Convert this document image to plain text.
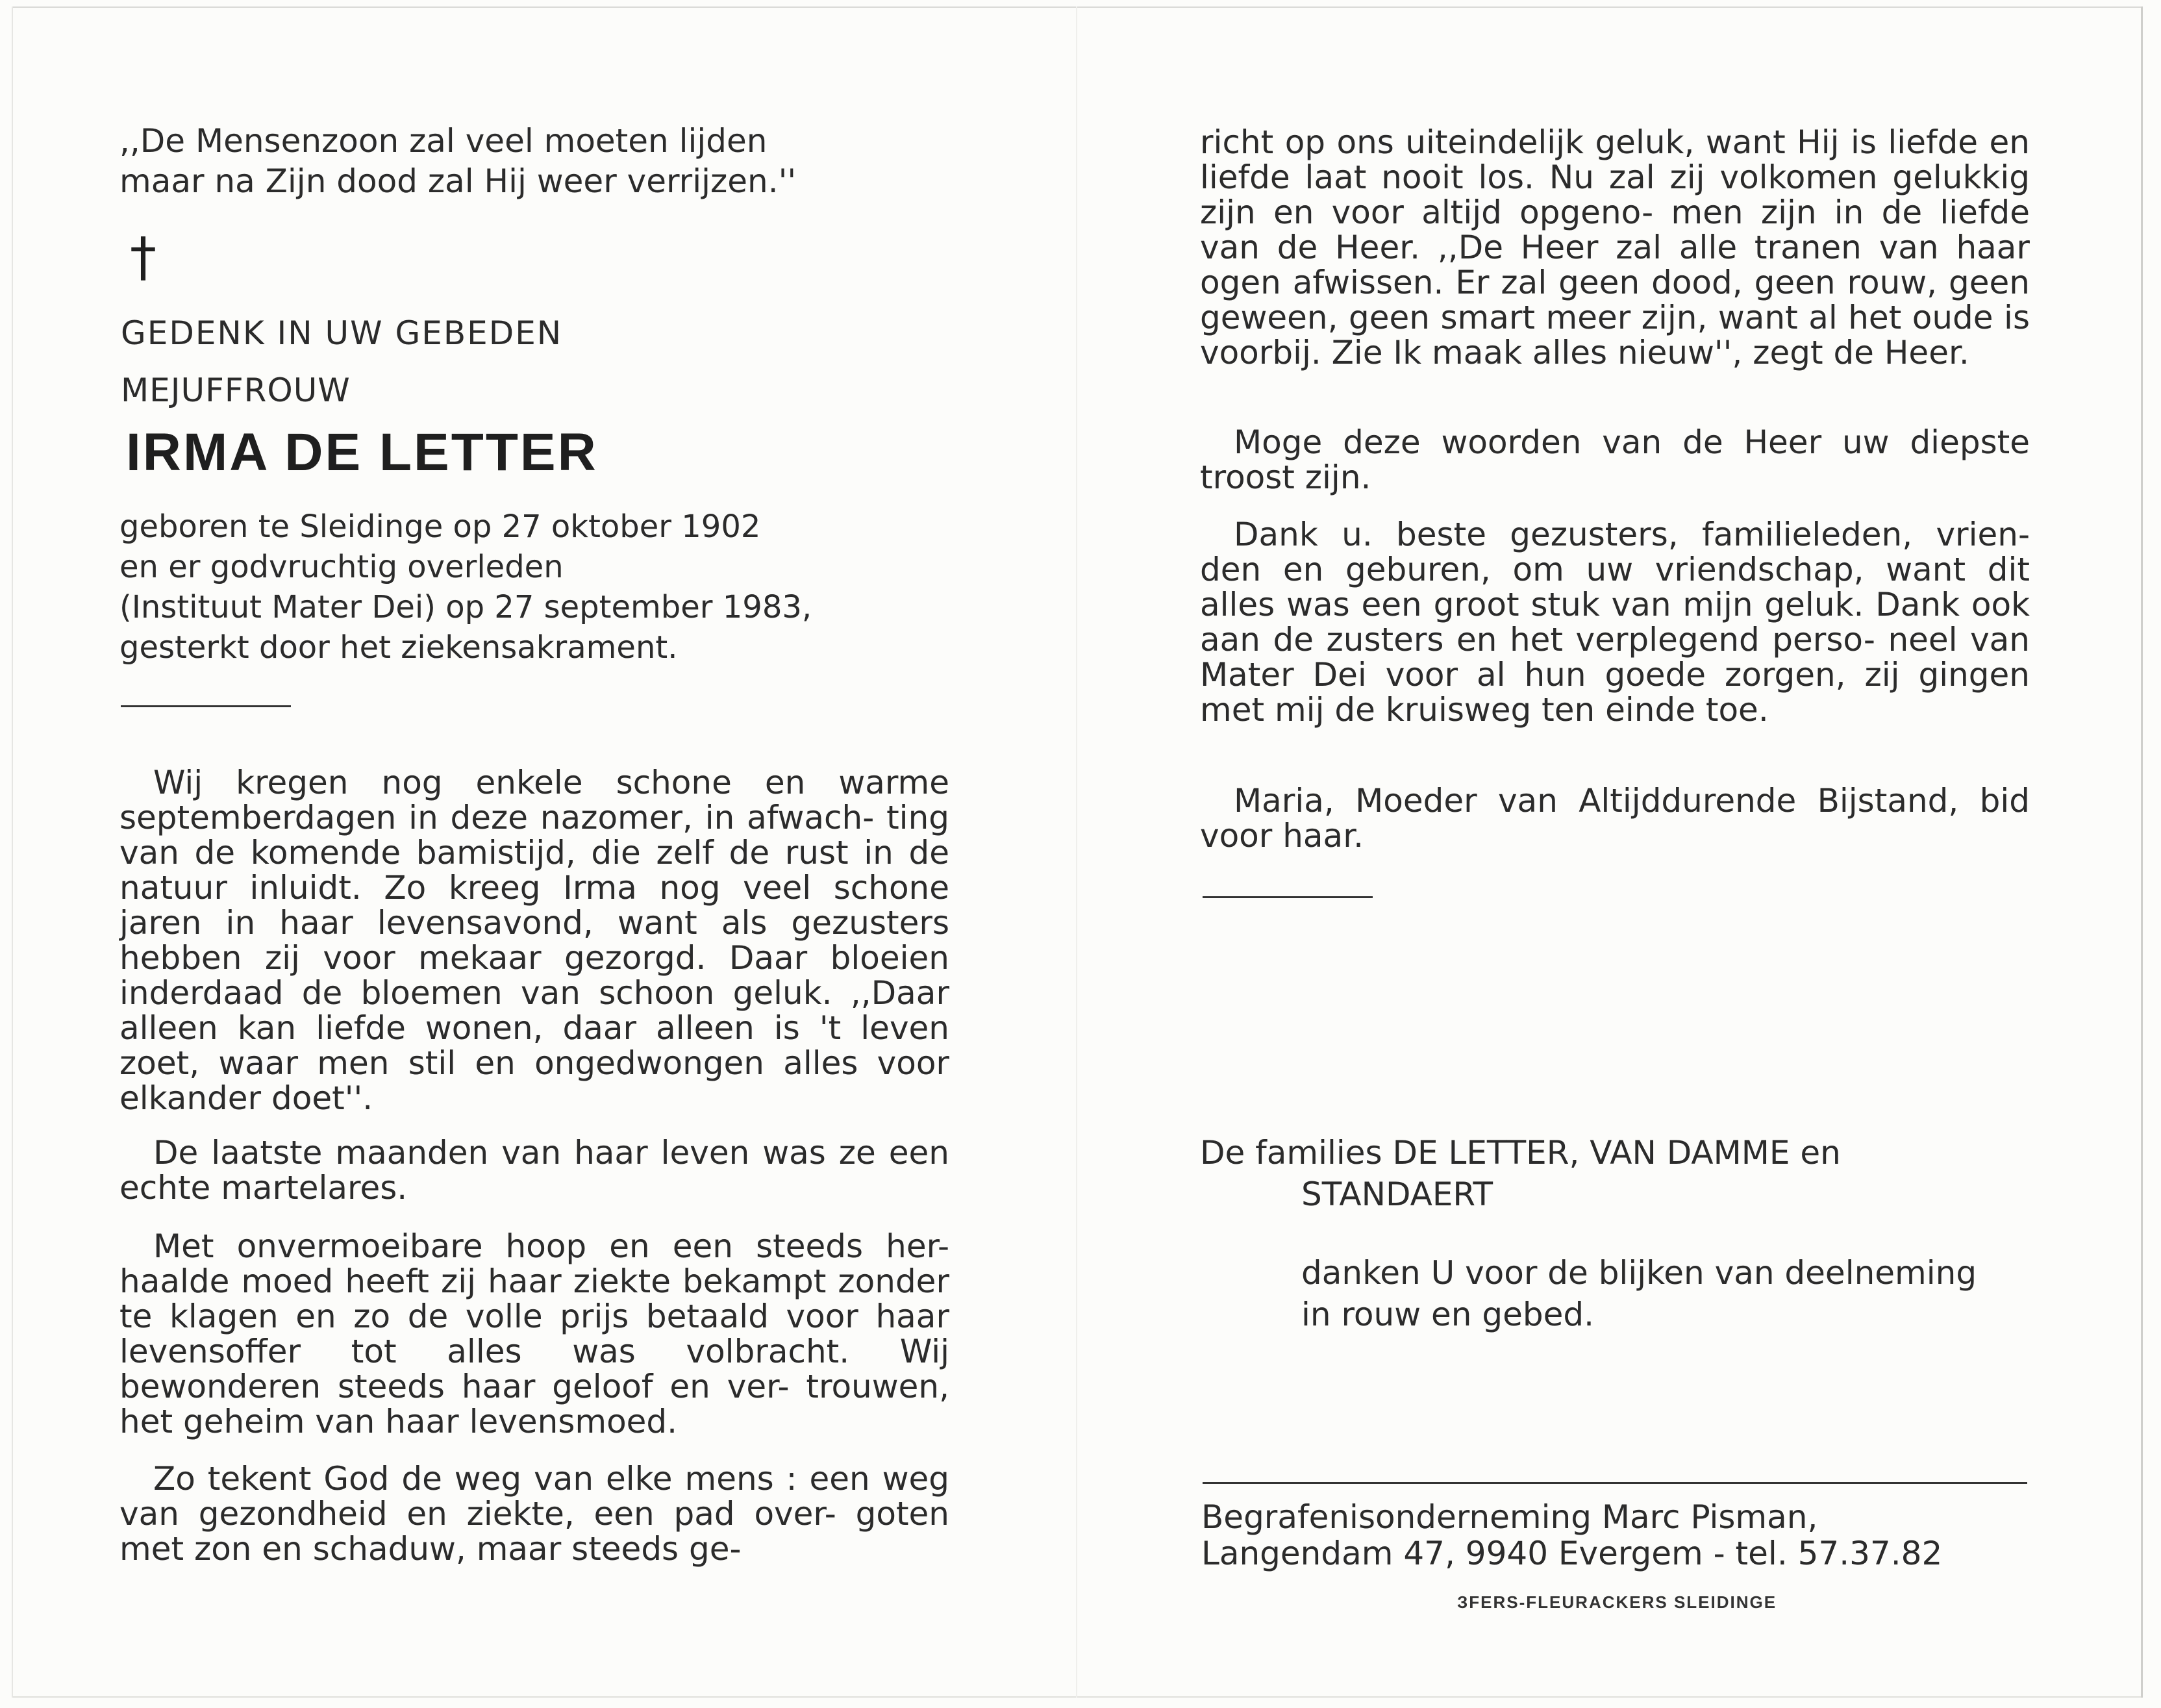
,,De Mensenzoon zal veel moeten lijden

maar na Zijn dood zal Hij weer verrijzen.''

†
GEDENK IN UW GEBEDEN
MEJUFFROUW
IRMA DE LETTER
geboren te Sleidinge op 27 oktober 1902
en er godvruchtig overleden
(Instituut Mater Dei) op 27 september 1983,
gesterkt door het ziekensakrament.

Wij kregen nog enkele schone en warme septemberdagen in deze nazomer, in afwach- ting van de komende bamistijd, die zelf de rust in de natuur inluidt. Zo kreeg Irma nog veel schone jaren in haar levensavond, want als gezusters hebben zij voor mekaar gezorgd. Daar bloeien inderdaad de bloemen van schoon geluk. ,,Daar alleen kan liefde wonen, daar alleen is 't leven zoet, waar men stil en ongedwongen alles voor elkander doet''.

De laatste maanden van haar leven was ze een echte martelares.

Met onvermoeibare hoop en een steeds her- haalde moed heeft zij haar ziekte bekampt zonder te klagen en zo de volle prijs betaald voor haar levensoffer tot alles was volbracht. Wij bewonderen steeds haar geloof en ver- trouwen, het geheim van haar levensmoed.

Zo tekent God de weg van elke mens : een weg van gezondheid en ziekte, een pad over- goten met zon en schaduw, maar steeds ge-

richt op ons uiteindelijk geluk, want Hij is liefde en liefde laat nooit los. Nu zal zij volkomen gelukkig zijn en voor altijd opgeno- men zijn in de liefde van de Heer. ,,De Heer zal alle tranen van haar ogen afwissen. Er zal geen dood, geen rouw, geen geween, geen smart meer zijn, want al het oude is voorbij. Zie Ik maak alles nieuw'', zegt de Heer.

Moge deze woorden van de Heer uw diepste troost zijn.

Dank u. beste gezusters, familieleden, vrien- den en geburen, om uw vriendschap, want dit alles was een groot stuk van mijn geluk. Dank ook aan de zusters en het verplegend perso- neel van Mater Dei voor al hun goede zorgen, zij gingen met mij de kruisweg ten einde toe.

Maria, Moeder van Altijddurende Bijstand, bid voor haar.

De families DE LETTER, VAN DAMME en
STANDAERT
danken U voor de blijken van deelneming
in rouw en gebed.
Begrafenisonderneming Marc Pisman,
Langendam 47, 9940 Evergem - tel. 57.37.82
ЗFERS-FLEURACKERS SLEIDINGE
